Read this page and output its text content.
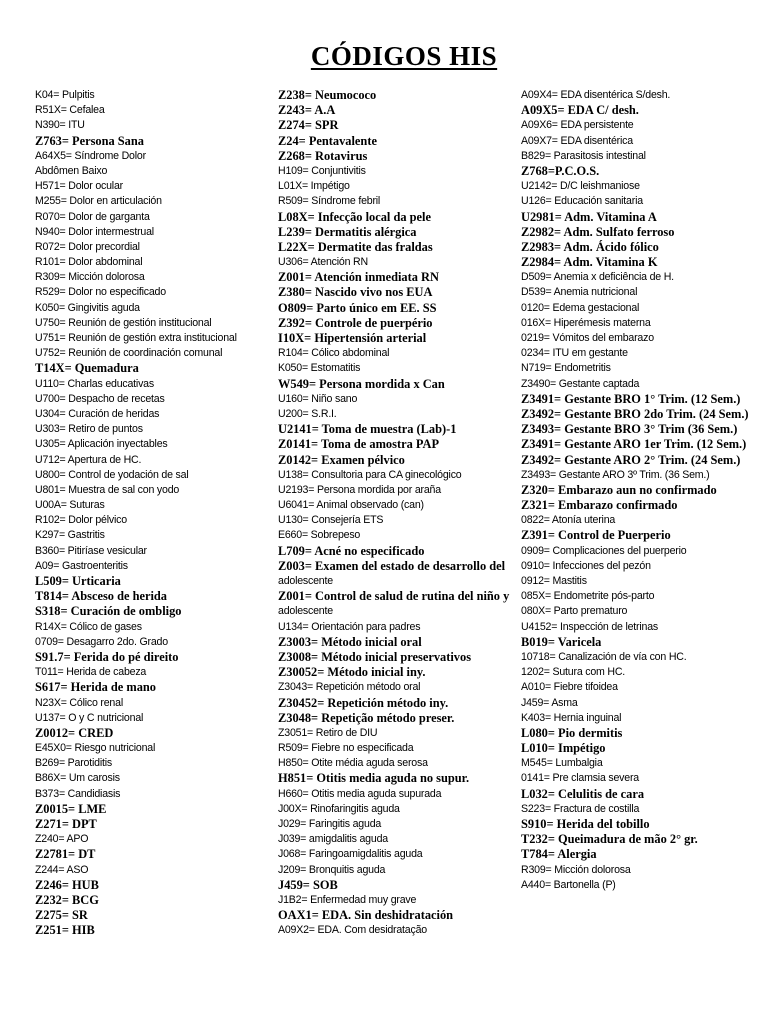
CÓDIGOS HIS
K04= Pulpitis
R51X= Cefalea
N390= ITU
Z763= Persona Sana
A64X5= Síndrome Dolor
Abdômen Baixo
H571= Dolor ocular
M255= Dolor en articulación
R070= Dolor de garganta
N940= Dolor intermestrual
R072= Dolor precordial
R101= Dolor abdominal
R309= Micción dolorosa
R529= Dolor no especificado
K050= Gingivitis aguda
U750= Reunión de gestión institucional
U751= Reunión de gestión extra institucional
U752= Reunión de coordinación comunal
T14X= Quemadura
U110= Charlas educativas
U700= Despacho de recetas
U304= Curación de heridas
U303= Retiro de puntos
U305= Aplicación inyectables
U712= Apertura de HC.
U800= Control de yodación de sal
U801= Muestra de sal con yodo
U00A= Suturas
R102= Dolor pélvico
K297= Gastritis
B360= Pitiríase vesicular
A09= Gastroenteritis
L509= Urticaria
T814= Absceso de herida
S318= Curación de ombligo
R14X= Cólico de gases
0709= Desagarro 2do. Grado
S91.7= Ferida do pé direito
T011= Herida de cabeza
S617= Herida de mano
N23X= Cólico renal
U137= O y C nutricional
Z0012= CRED
E45X0= Riesgo nutricional
B269= Parotiditis
B86X= Um carosis
B373= Candidiasis
Z0015= LME
Z271= DPT
Z240= APO
Z2781= DT
Z244= ASO
Z246= HUB
Z232= BCG
Z275= SR
Z251= HIB
Z238= Neumococo
Z243= A.A
Z274= SPR
Z24= Pentavalente
Z268= Rotavirus
H109= Conjuntivitis
L01X= Impétigo
R509= Síndrome febril
L08X= Infecção local da pele
L239= Dermatitis alérgica
L22X= Dermatite das fraldas
U306= Atención RN
Z001= Atención inmediata RN
Z380= Nascido vivo nos EUA
O809= Parto único em EE. SS
Z392= Controle de puerpério
I10X= Hipertensión arterial
R104= Cólico abdominal
K050= Estomatitis
W549= Persona mordida x Can
U160= Niño sano
U200= S.R.I.
U2141= Toma de muestra (Lab)-1
Z0141= Toma de amostra PAP
Z0142= Examen pélvico
U138= Consultoria para CA ginecológico
U2193= Persona mordida por araña
U6041= Animal observado (can)
U130= Consejería ETS
E660= Sobrepeso
L709= Acné no especificado
Z003= Examen del estado de desarrollo del
adolescente
Z001= Control de salud de rutina del niño y
adolescente
U134= Orientación para padres
Z3003= Método inicial oral
Z3008= Método inicial preservativos
Z30052= Método inicial iny.
Z3043= Repetición método oral
Z30452= Repetición método iny.
Z3048= Repetição método preser.
Z3051= Retiro de DIU
R509= Fiebre no especificada
H850= Otite média aguda serosa
H851= Otitis media aguda no supur.
H660= Otitis media aguda supurada
J00X= Rinofaringitis aguda
J029= Faringitis aguda
J039= amigdalitis aguda
J068= Faringoamigdalitis aguda
J209= Bronquitis aguda
J459= SOB
J1B2= Enfermedad muy grave
OAX1= EDA. Sin deshidratación
A09X2= EDA. Com desidratação
A09X4= EDA disentérica S/desh.
A09X5= EDA C/ desh.
A09X6= EDA persistente
A09X7= EDA disentérica
B829= Parasitosis intestinal
Z768=P.C.O.S.
U2142= D/C leishmaniose
U126= Educación sanitaria
U2981= Adm. Vitamina A
Z2982= Adm. Sulfato ferroso
Z2983= Adm. Ácido fólico
Z2984= Adm. Vitamina K
D509= Anemia x deficiência de H.
D539= Anemia nutricional
0120= Edema gestacional
016X= Hiperémesis materna
0219= Vómitos del embarazo
0234= ITU em gestante
N719= Endometritis
Z3490= Gestante captada
Z3491= Gestante BRO 1° Trim. (12 Sem.)
Z3492= Gestante BRO 2do Trim. (24 Sem.)
Z3493= Gestante BRO 3° Trim (36 Sem.)
Z3491= Gestante ARO 1er Trim. (12 Sem.)
Z3492= Gestante ARO 2° Trim. (24 Sem.)
Z3493= Gestante ARO 3º Trim. (36 Sem.)
Z320= Embarazo aun no confirmado
Z321= Embarazo confirmado
0822= Atonía uterina
Z391= Control de Puerperio
0909= Complicaciones del puerperio
0910= Infecciones del pezón
0912= Mastitis
085X= Endometrite pós-parto
080X= Parto prematuro
U4152= Inspección de letrinas
B019= Varicela
10718= Canalización de vía con HC.
1202= Sutura com HC.
A010= Fiebre tifoidea
J459= Asma
K403= Hernia inguinal
L080= Pio dermitis
L010= Impétigo
M545= Lumbalgia
0141= Pre clamsia severa
L032= Celulitis de cara
S223= Fractura de costilla
S910= Herida del tobillo
T232= Queimadura de mão 2° gr.
T784= Alergia
R309= Micción dolorosa
A440= Bartonella (P)
